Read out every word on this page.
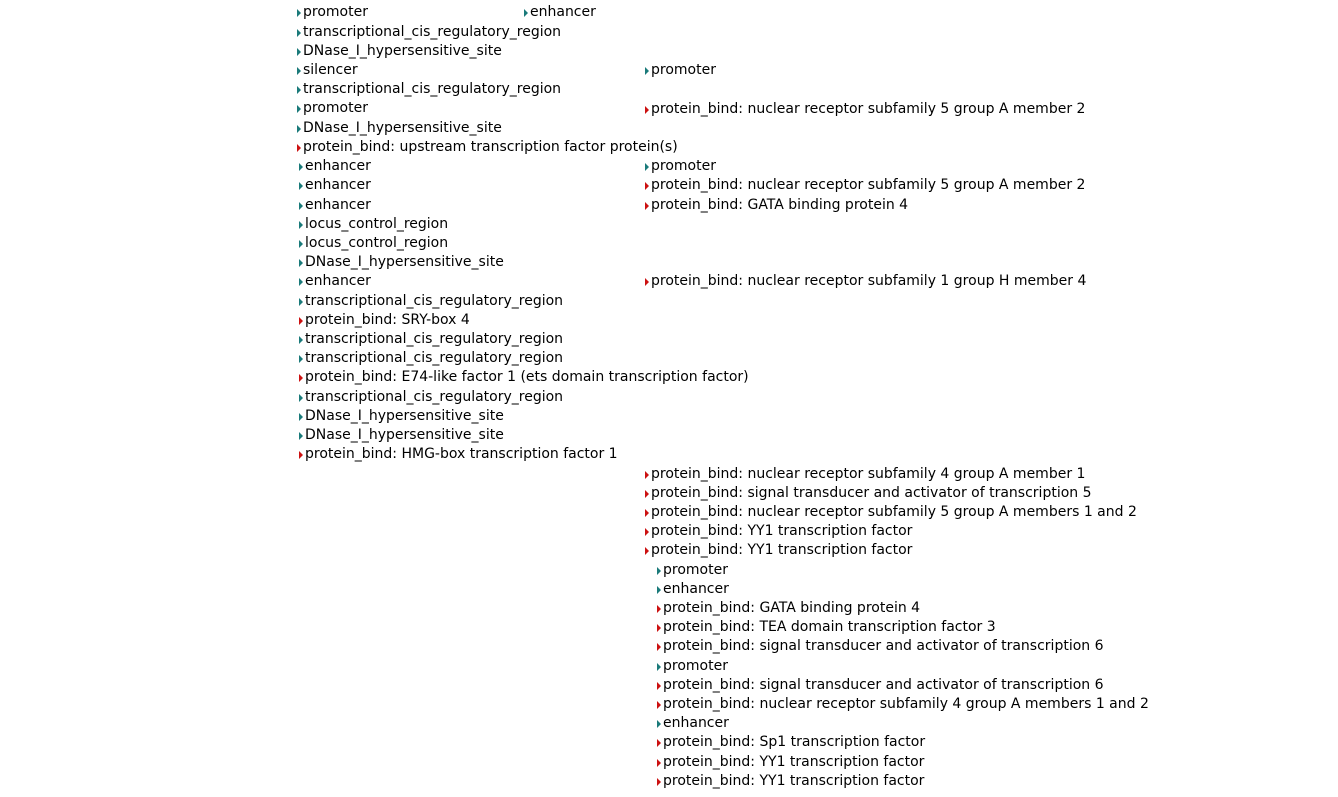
promoter	enhancer
transcriptional_cis_regulatory_region
DNase_I_hypersensitive_site
silencer	promoter
transcriptional_cis_regulatory_region
promoter	protein_bind: nuclear receptor subfamily 5 group A member 2
DNase_I_hypersensitive_site
protein_bind: upstream transcription factor protein(s)
enhancer	promoter
enhancer	protein_bind: nuclear receptor subfamily 5 group A member 2
enhancer	protein_bind: GATA binding protein 4
locus_control_region
locus_control_region
DNase_I_hypersensitive_site
enhancer	protein_bind: nuclear receptor subfamily 1 group H member 4
transcriptional_cis_regulatory_region
protein_bind: SRY-box 4
transcriptional_cis_regulatory_region
transcriptional_cis_regulatory_region
protein_bind: E74-like factor 1 (ets domain transcription factor)
transcriptional_cis_regulatory_region
DNase_I_hypersensitive_site
DNase_I_hypersensitive_site
protein_bind: HMG-box transcription factor 1
protein_bind: nuclear receptor subfamily 4 group A member 1
protein_bind: signal transducer and activator of transcription 5
protein_bind: nuclear receptor subfamily 5 group A members 1 and 2
protein_bind: YY1 transcription factor
protein_bind: YY1 transcription factor
promoter
enhancer
protein_bind: GATA binding protein 4
protein_bind: TEA domain transcription factor 3
protein_bind: signal transducer and activator of transcription 6
promoter
protein_bind: signal transducer and activator of transcription 6
protein_bind: nuclear receptor subfamily 4 group A members 1 and 2
enhancer
protein_bind: Sp1 transcription factor
protein_bind: YY1 transcription factor
protein_bind: YY1 transcription factor
